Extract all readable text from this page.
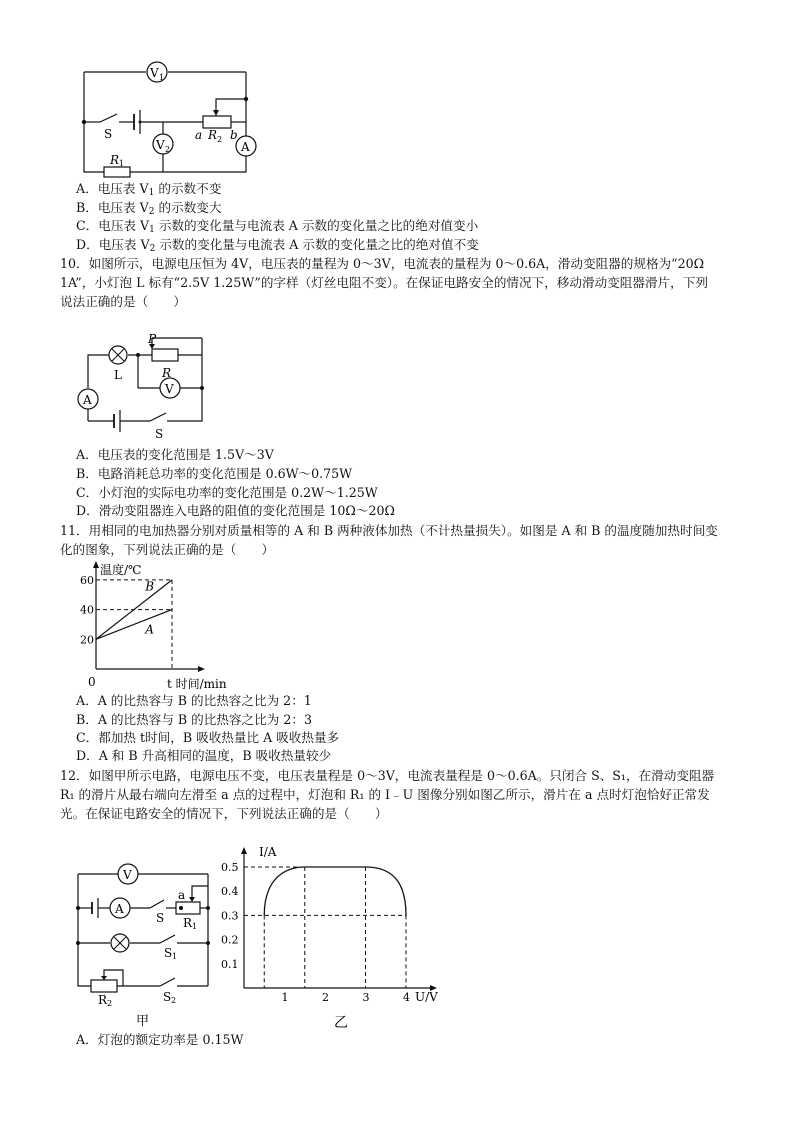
V 1
V 2	A
S
R 1
a R 2 b
A．电压表 $V_1$ 的示数不变
B．电压表 $V_2$ 的示数变大
C．电压表 $V_1$ 示数的变化量与电流表 A 示数的变化量之比的绝对值变小
D．电压表 $V_2$ 示数的变化量与电流表 A 示数的变化量之比的绝对值不变
10．如图所示，电源电压恒为 4V，电压表的量程为 0～3V，电流表的量程为 0～0.6A，滑动变阻器的规格为“20Ω 1A”，小灯泡 L 标有“2.5V 1.25W”的字样（灯丝电阻不变）。在保证电路安全的情况下，移动滑动变阻器滑片，下列说法正确的是（　　）
P
R
L
V
A
S
A．电压表的变化范围是 1.5V～3V
B．电路消耗总功率的变化范围是 0.6W～0.75W
C．小灯泡的实际电功率的变化范围是 0.2W～1.25W
D．滑动变阻器连入电路的阻值的变化范围是 10Ω～20Ω
11．用相同的电加热器分别对质量相等的 A 和 B 两种液体加热（不计热量损失）。如图是 A 和 B 的温度随加热时间变化的图象，下列说法正确的是（　　）
温度/℃
t 时间/min
0
20
40
60
A
B
A．A 的比热容与 B 的比热容之比为 2：1
B．A 的比热容与 B 的比热容之比为 2：3
C．都加热 t时间，B 吸收热量比 A 吸收热量多
D．A 和 B 升高相同的温度，B 吸收热量较少
12．如图甲所示电路，电源电压不变，电压表量程是 0～3V，电流表量程是 0～0.6A。只闭合 S、S₁，在滑动变阻器 R₁ 的滑片从最右端向左滑至 a 点的过程中，灯泡和 R₁ 的 I﹣U 图像分别如图乙所示，滑片在 a 点时灯泡恰好正常发光。在保证电路安全的情况下，下列说法正确的是（　　）
V
A
S
a
R 1
S 1
R 2	S 2
甲	乙
I/A
U/V
1	2	3	4
0.1
0.2
0.3
0.4
0.5
A．灯泡的额定功率是 0.15W
